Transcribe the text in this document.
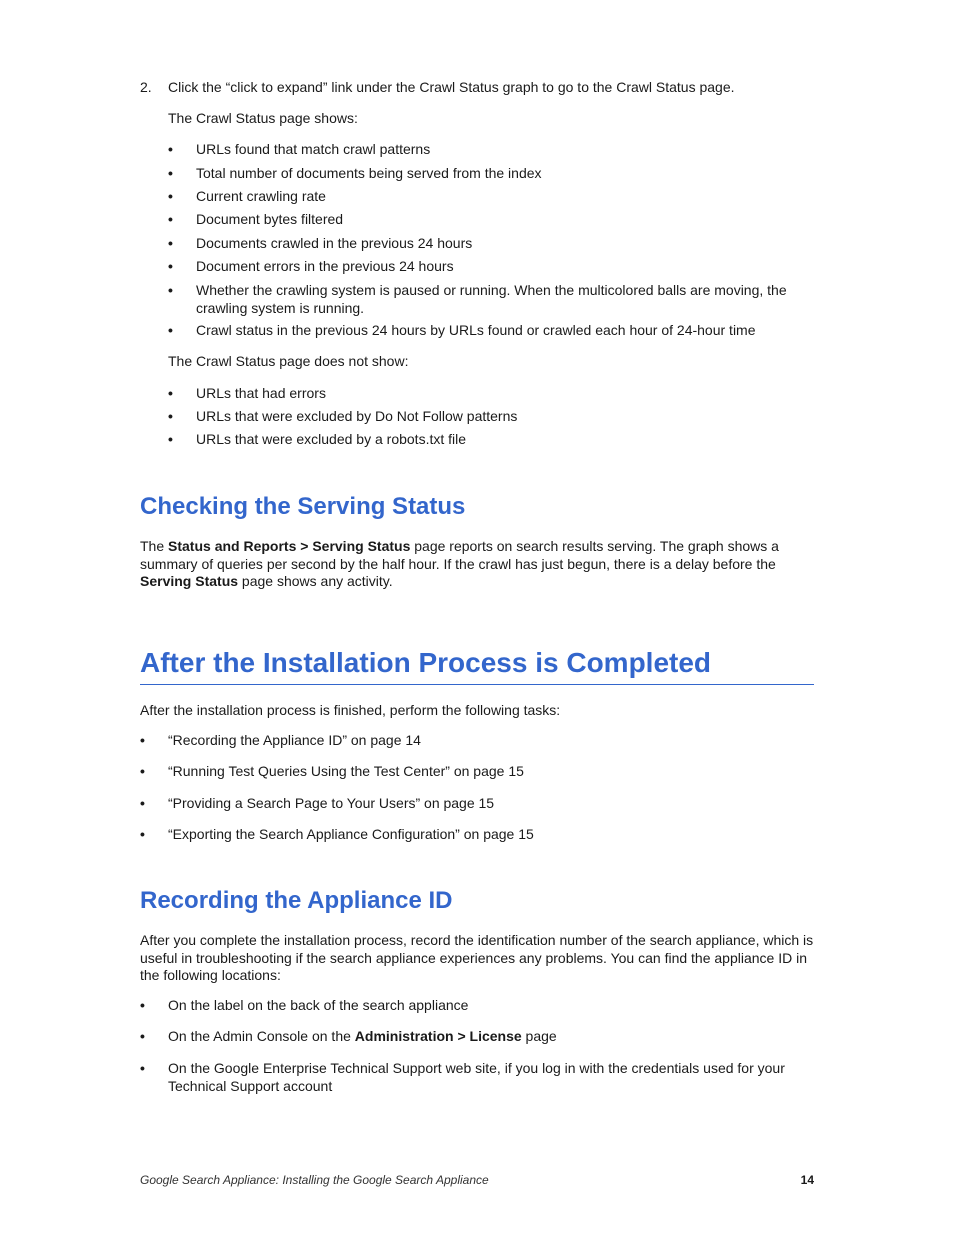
2. Click the “click to expand” link under the Crawl Status graph to go to the Crawl Status page.
The Crawl Status page shows:
• URLs found that match crawl patterns
• Total number of documents being served from the index
• Current crawling rate
• Document bytes filtered
• Documents crawled in the previous 24 hours
• Document errors in the previous 24 hours
• Whether the crawling system is paused or running. When the multicolored balls are moving, the crawling system is running.
• Crawl status in the previous 24 hours by URLs found or crawled each hour of 24-hour time
The Crawl Status page does not show:
• URLs that had errors
• URLs that were excluded by Do Not Follow patterns
• URLs that were excluded by a robots.txt file
Checking the Serving Status

The Status and Reports > Serving Status page reports on search results serving. The graph shows a summary of queries per second by the half hour. If the crawl has just begun, there is a delay before the Serving Status page shows any activity.

After the Installation Process is Completed

After the installation process is finished, perform the following tasks:

• “Recording the Appliance ID” on page 14
• “Running Test Queries Using the Test Center” on page 15
• “Providing a Search Page to Your Users” on page 15
• “Exporting the Search Appliance Configuration” on page 15
Recording the Appliance ID

After you complete the installation process, record the identification number of the search appliance, which is useful in troubleshooting if the search appliance experiences any problems. You can find the appliance ID in the following locations:

• On the label on the back of the search appliance
• On the Admin Console on the Administration > License page
• On the Google Enterprise Technical Support web site, if you log in with the credentials used for your Technical Support account
Google Search Appliance: Installing the Google Search Appliance	14
